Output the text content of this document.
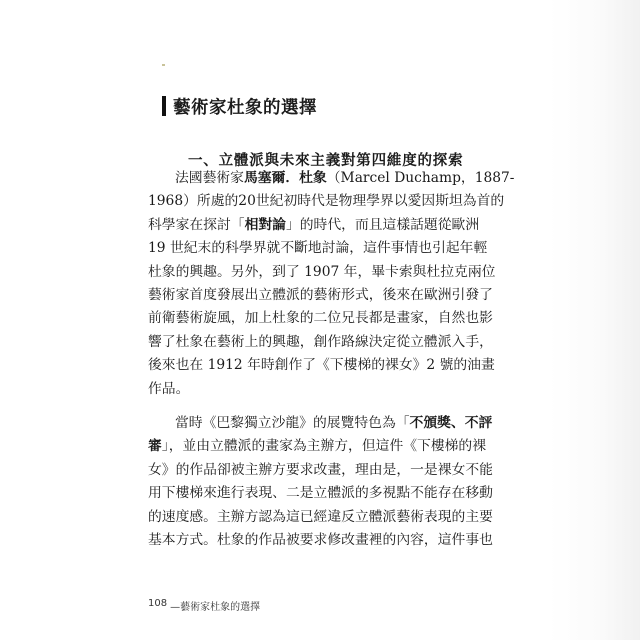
藝術家杜象的選擇
一、立體派與未來主義對第四維度的探索
法國藝術家馬塞爾．杜象（Marcel Duchamp，1887-
1968）所處的20世紀初時代是物理學界以愛因斯坦為首的
科學家在探討「相對論」的時代，而且這樣話題從歐洲
19 世紀末的科學界就不斷地討論，這件事情也引起年輕
杜象的興趣。另外，到了 1907 年，畢卡索與杜拉克兩位
藝術家首度發展出立體派的藝術形式，後來在歐洲引發了
前衛藝術旋風，加上杜象的二位兄長都是畫家，自然也影
響了杜象在藝術上的興趣，創作路線決定從立體派入手，
後來也在 1912 年時創作了《下樓梯的裸女》2 號的油畫
作品。
當時《巴黎獨立沙龍》的展覽特色為「不頒獎、不評
審」，並由立體派的畫家為主辦方，但這件《下樓梯的裸
女》的作品卻被主辦方要求改畫，理由是，一是裸女不能
用下樓梯來進行表現、二是立體派的多視點不能存在移動
的速度感。主辦方認為這已經違反立體派藝術表現的主要
基本方式。杜象的作品被要求修改畫裡的內容，這件事也
108 —藝術家杜象的選擇
